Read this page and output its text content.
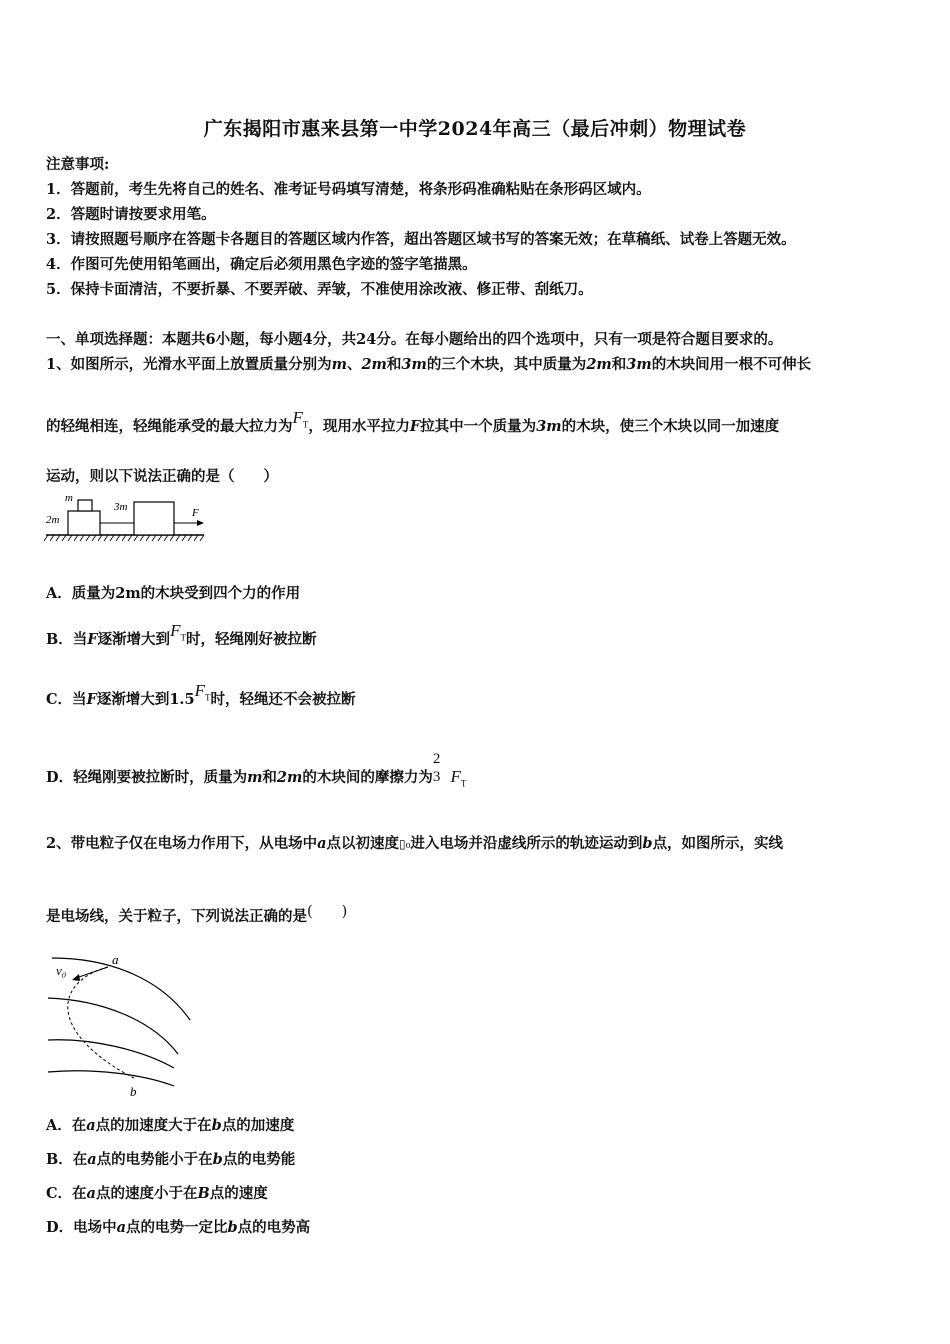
广东揭阳市惠来县第一中学2024年高三（最后冲刺）物理试卷
注意事项:
1．答题前，考生先将自己的姓名、准考证号码填写清楚，将条形码准确粘贴在条形码区域内。
2．答题时请按要求用笔。
3．请按照题号顺序在答题卡各题目的答题区域内作答，超出答题区域书写的答案无效；在草稿纸、试卷上答题无效。
4．作图可先使用铅笔画出，确定后必须用黑色字迹的签字笔描黑。
5．保持卡面清洁，不要折暴、不要弄破、弄皱，不准使用涂改液、修正带、刮纸刀。
一、单项选择题：本题共6小题，每小题4分，共24分。在每小题给出的四个选项中，只有一项是符合题目要求的。
1、如图所示，光滑水平面上放置质量分别为m、2m和3m的三个木块，其中质量为2m和3m的木块间用一根不可伸长
的轻绳相连，轻绳能承受的最大拉力为$F_T$，现用水平拉力F拉其中一个质量为3m的木块，使三个木块以同一加速度
运动，则以下说法正确的是（　　）
m
2m
3m	F
A．质量为2m的木块受到四个力的作用
B．当F逐渐增大到$F_T$时，轻绳刚好被拉断
C．当F逐渐增大到$1.5F_T$时，轻绳还不会被拉断
D．轻绳刚要被拉断时，质量为m和2m的木块间的摩擦力为
2
3 $F_T$
2、带电粒子仅在电场力作用下，从电场中a点以初速度▯₀进入电场并沿虚线所示的轨迹运动到b点，如图所示，实线
是电场线，关于粒子，下列说法正确的是(　　)
v₀
a
b
A．在a点的加速度大于在b点的加速度
B．在a点的电势能小于在b点的电势能
C．在a点的速度小于在B点的速度
D．电场中a点的电势一定比b点的电势高
